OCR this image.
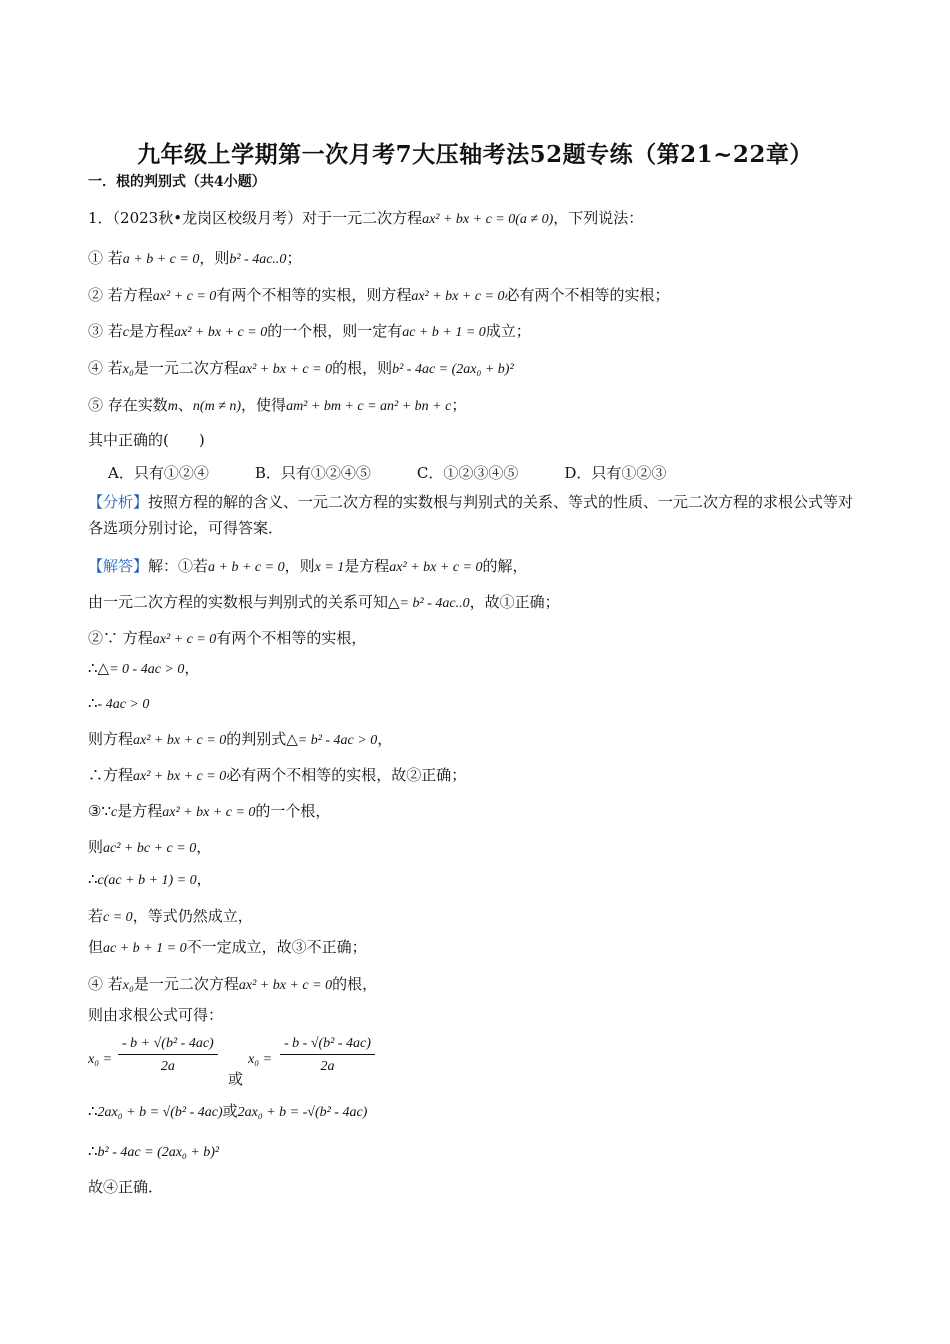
九年级上学期第一次月考7大压轴考法52题专练（第21~22章）
一．根的判别式（共4小题）
1．（2023秋•龙岗区校级月考）对于一元二次方程ax² + bx + c = 0(a ≠ 0)，下列说法：
① 若a + b + c = 0，则b² - 4ac..0；
② 若方程ax² + c = 0有两个不相等的实根，则方程ax² + bx + c = 0必有两个不相等的实根；
③ 若c是方程ax² + bx + c = 0的一个根，则一定有ac + b + 1 = 0成立；
④ 若x₀是一元二次方程ax² + bx + c = 0的根，则b² - 4ac = (2ax₀ + b)²
⑤ 存在实数m、n(m ≠ n)，使得am² + bm + c = an² + bn + c；
其中正确的(　　)
A．只有①②④	B．只有①②④⑤	C．①②③④⑤	D．只有①②③
【分析】按照方程的解的含义、一元二次方程的实数根与判别式的关系、等式的性质、一元二次方程的求根公式等对各选项分别讨论，可得答案．
【解答】解：①若a + b + c = 0，则x = 1是方程ax² + bx + c = 0的解，
由一元二次方程的实数根与判别式的关系可知△= b² - 4ac..0，故①正确；
②∵ 方程ax² + c = 0有两个不相等的实根，
∴△= 0 - 4ac > 0，
∴- 4ac > 0
则方程ax² + bx + c = 0的判别式△= b² - 4ac > 0，
∴方程ax² + bx + c = 0必有两个不相等的实根，故②正确；
③∵c是方程ax² + bx + c = 0的一个根，
则ac² + bc + c = 0，
∴c(ac + b + 1) = 0，
若c = 0，等式仍然成立，
但ac + b + 1 = 0不一定成立，故③不正确；
④ 若x₀是一元二次方程ax² + bx + c = 0的根，
则由求根公式可得：
$x_0 = \frac{\text{- b + √(b² - 4ac)}}{2a}$
或
$x_0 = \frac{\text{- b - √(b² - 4ac)}}{2a}$
∴2ax₀ + b = √(b² - 4ac)或2ax₀ + b = -√(b² - 4ac)
∴b² - 4ac = (2ax₀ + b)²
故④正确．
